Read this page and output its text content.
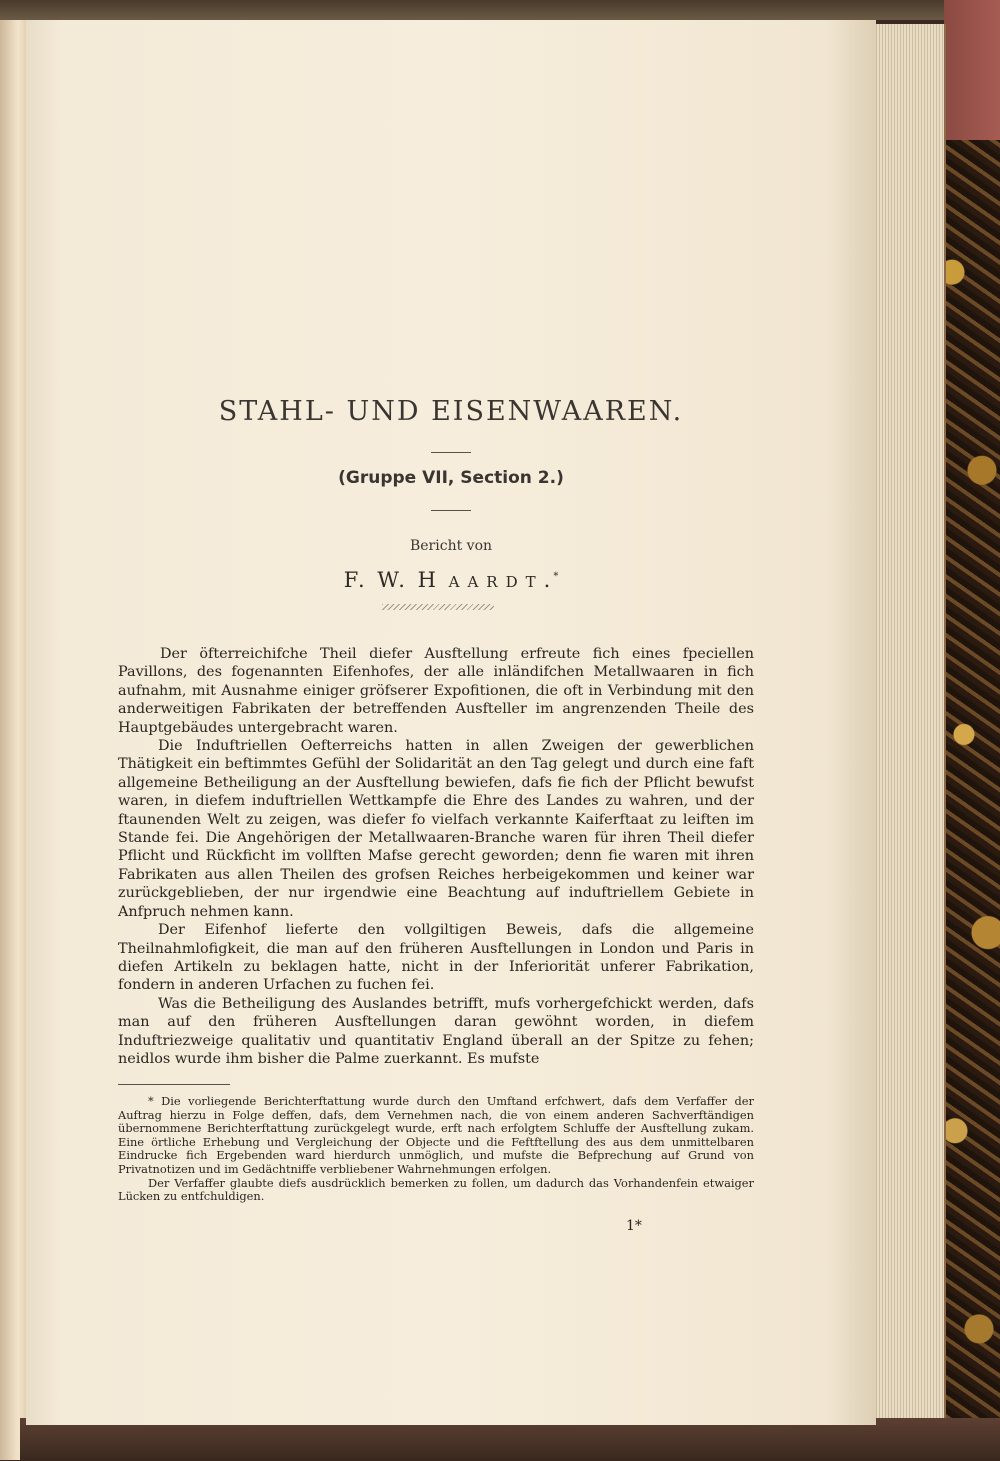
STAHL- UND EISENWAAREN.
(Gruppe VII, Section 2.)
Bericht von
F. W. H AARDT.*

Der öfterreichifche Theil diefer Ausftellung erfreute fich eines fpeciellen Pavillons, des fogenannten Eifenhofes, der alle inländifchen Metallwaaren in fich aufnahm, mit Ausnahme einiger gröfserer Expofitionen, die oft in Verbindung mit den anderweitigen Fabrikaten der betreffenden Ausfteller im angrenzenden Theile des Hauptgebäudes untergebracht waren.

Die Induftriellen Oefterreichs hatten in allen Zweigen der gewerblichen Thätigkeit ein beftimmtes Gefühl der Solidarität an den Tag gelegt und durch eine faft allgemeine Betheiligung an der Ausftellung bewiefen, dafs fie fich der Pflicht bewufst waren, in diefem induftriellen Wettkampfe die Ehre des Landes zu wahren, und der ftaunenden Welt zu zeigen, was diefer fo vielfach verkannte Kaiferftaat zu leiften im Stande fei. Die Angehörigen der Metallwaaren-Branche waren für ihren Theil diefer Pflicht und Rückficht im vollften Mafse gerecht geworden; denn fie waren mit ihren Fabrikaten aus allen Theilen des grofsen Reiches herbeigekommen und keiner war zurückgeblieben, der nur irgendwie eine Beachtung auf induftriellem Gebiete in Anfpruch nehmen kann.

Der Eifenhof lieferte den vollgiltigen Beweis, dafs die allgemeine Theilnahmlofigkeit, die man auf den früheren Ausftellungen in London und Paris in diefen Artikeln zu beklagen hatte, nicht in der Inferiorität unferer Fabrikation, fondern in anderen Urfachen zu fuchen fei.

Was die Betheiligung des Auslandes betrifft, mufs vorhergefchickt werden, dafs man auf den früheren Ausftellungen daran gewöhnt worden, in diefem Induftriezweige qualitativ und quantitativ England überall an der Spitze zu fehen; neidlos wurde ihm bisher die Palme zuerkannt. Es mufste

* Die vorliegende Berichterftattung wurde durch den Umftand erfchwert, dafs dem Verfaffer der Auftrag hierzu in Folge deffen, dafs, dem Vernehmen nach, die von einem anderen Sachverftändigen übernommene Berichterftattung zurückgelegt wurde, erft nach erfolgtem Schluffe der Ausftellung zukam. Eine örtliche Erhebung und Vergleichung der Objecte und die Feftftellung des aus dem unmittelbaren Eindrucke fich Ergebenden ward hierdurch unmöglich, und mufste die Befprechung auf Grund von Privatnotizen und im Gedächtniffe verbliebener Wahrnehmungen erfolgen.

Der Verfaffer glaubte diefs ausdrücklich bemerken zu follen, um dadurch das Vorhandenfein etwaiger Lücken zu entfchuldigen.

1*
